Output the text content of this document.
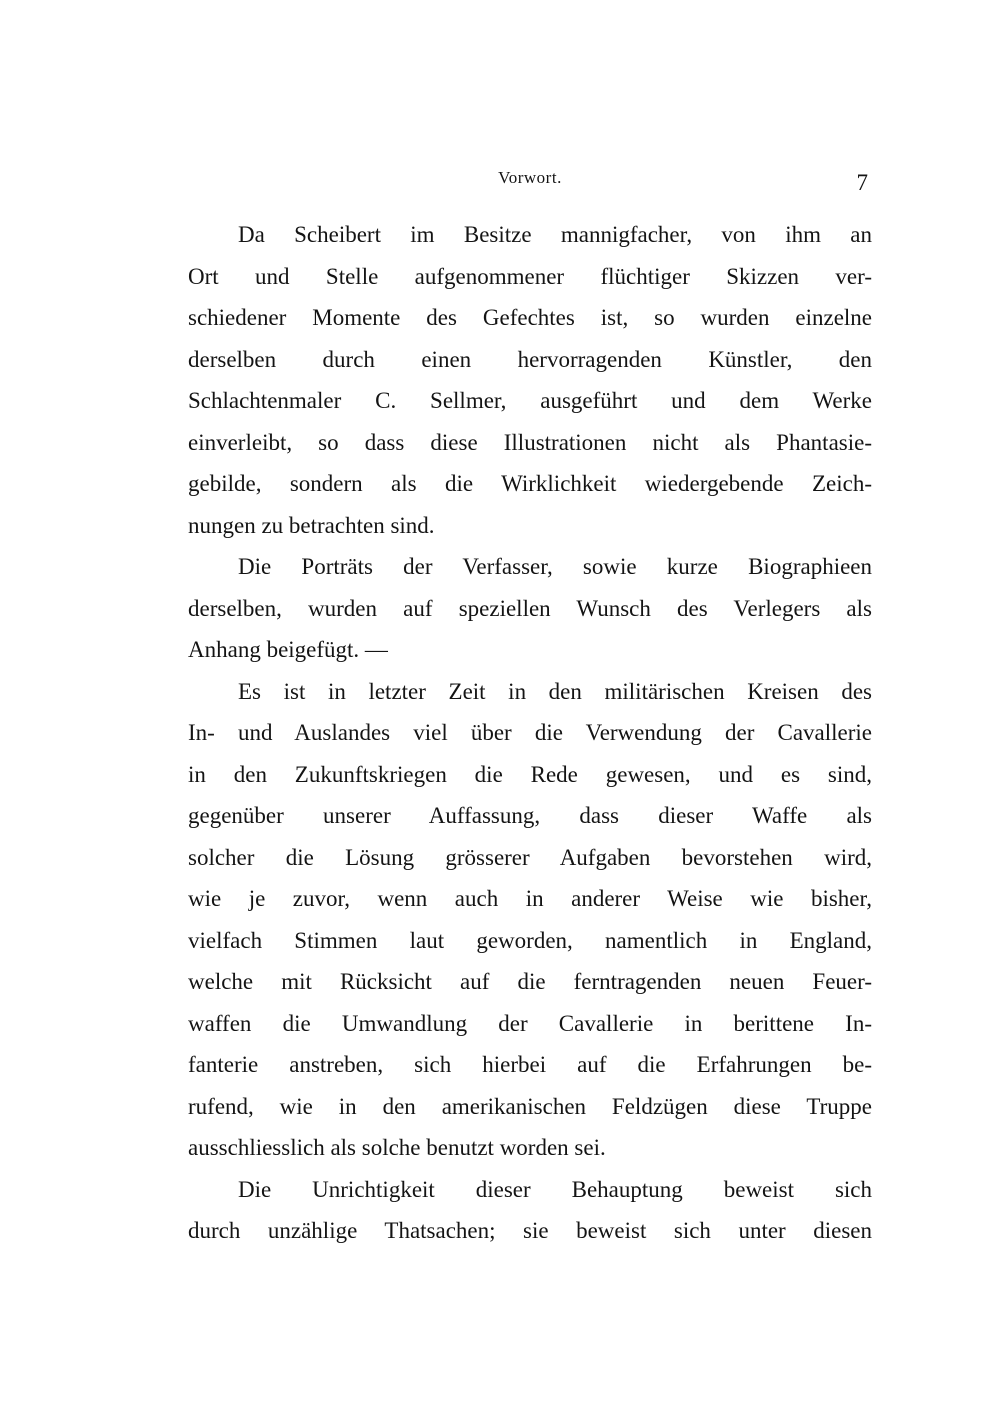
Vorwort.	7
Da Scheibert im Besitze mannigfacher, von ihm an
Ort und Stelle aufgenommener flüchtiger Skizzen ver-
schiedener Momente des Gefechtes ist, so wurden einzelne
derselben durch einen hervorragenden Künstler, den
Schlachtenmaler C. Sellmer, ausgeführt und dem Werke
einverleibt, so dass diese Illustrationen nicht als Phantasie-
gebilde, sondern als die Wirklichkeit wiedergebende Zeich-
nungen zu betrachten sind.
Die Porträts der Verfasser, sowie kurze Biographieen
derselben, wurden auf speziellen Wunsch des Verlegers als
Anhang beigefügt. —
Es ist in letzter Zeit in den militärischen Kreisen des
In- und Auslandes viel über die Verwendung der Cavallerie
in den Zukunftskriegen die Rede gewesen, und es sind,
gegenüber unserer Auffassung, dass dieser Waffe als
solcher die Lösung grösserer Aufgaben bevorstehen wird,
wie je zuvor, wenn auch in anderer Weise wie bisher,
vielfach Stimmen laut geworden, namentlich in England,
welche mit Rücksicht auf die ferntragenden neuen Feuer-
waffen die Umwandlung der Cavallerie in berittene In-
fanterie anstreben, sich hierbei auf die Erfahrungen be-
rufend, wie in den amerikanischen Feldzügen diese Truppe
ausschliesslich als solche benutzt worden sei.
Die Unrichtigkeit dieser Behauptung beweist sich
durch unzählige Thatsachen; sie beweist sich unter diesen
